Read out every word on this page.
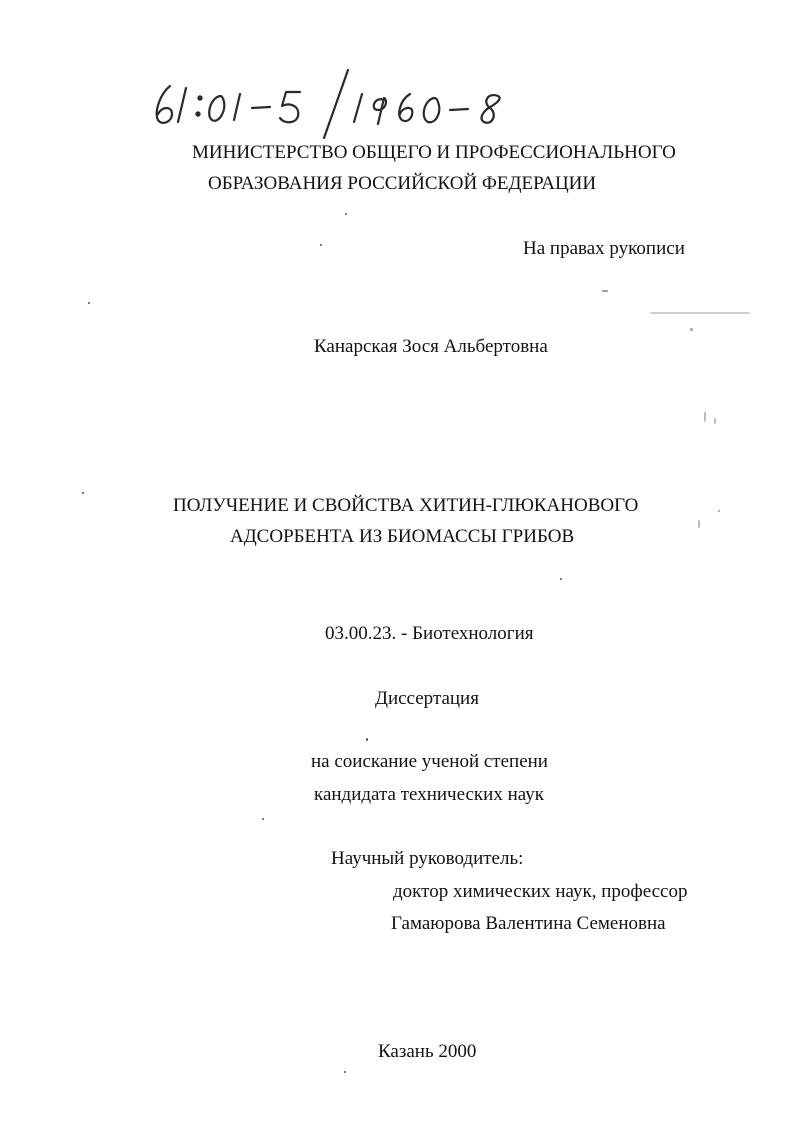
МИНИСТЕРСТВО ОБЩЕГО И ПРОФЕССИОНАЛЬНОГО
ОБРАЗОВАНИЯ РОССИЙСКОЙ ФЕДЕРАЦИИ
На правах рукописи
Канарская Зося Альбертовна
ПОЛУЧЕНИЕ И СВОЙСТВА ХИТИН-ГЛЮКАНОВОГО
АДСОРБЕНТА ИЗ БИОМАССЫ ГРИБОВ
03.00.23. - Биотехнология
Диссертация
на соискание ученой степени
кандидата технических наук
Научный руководитель:
доктор химических наук, профессор
Гамаюрова Валентина Семеновна
Казань 2000
